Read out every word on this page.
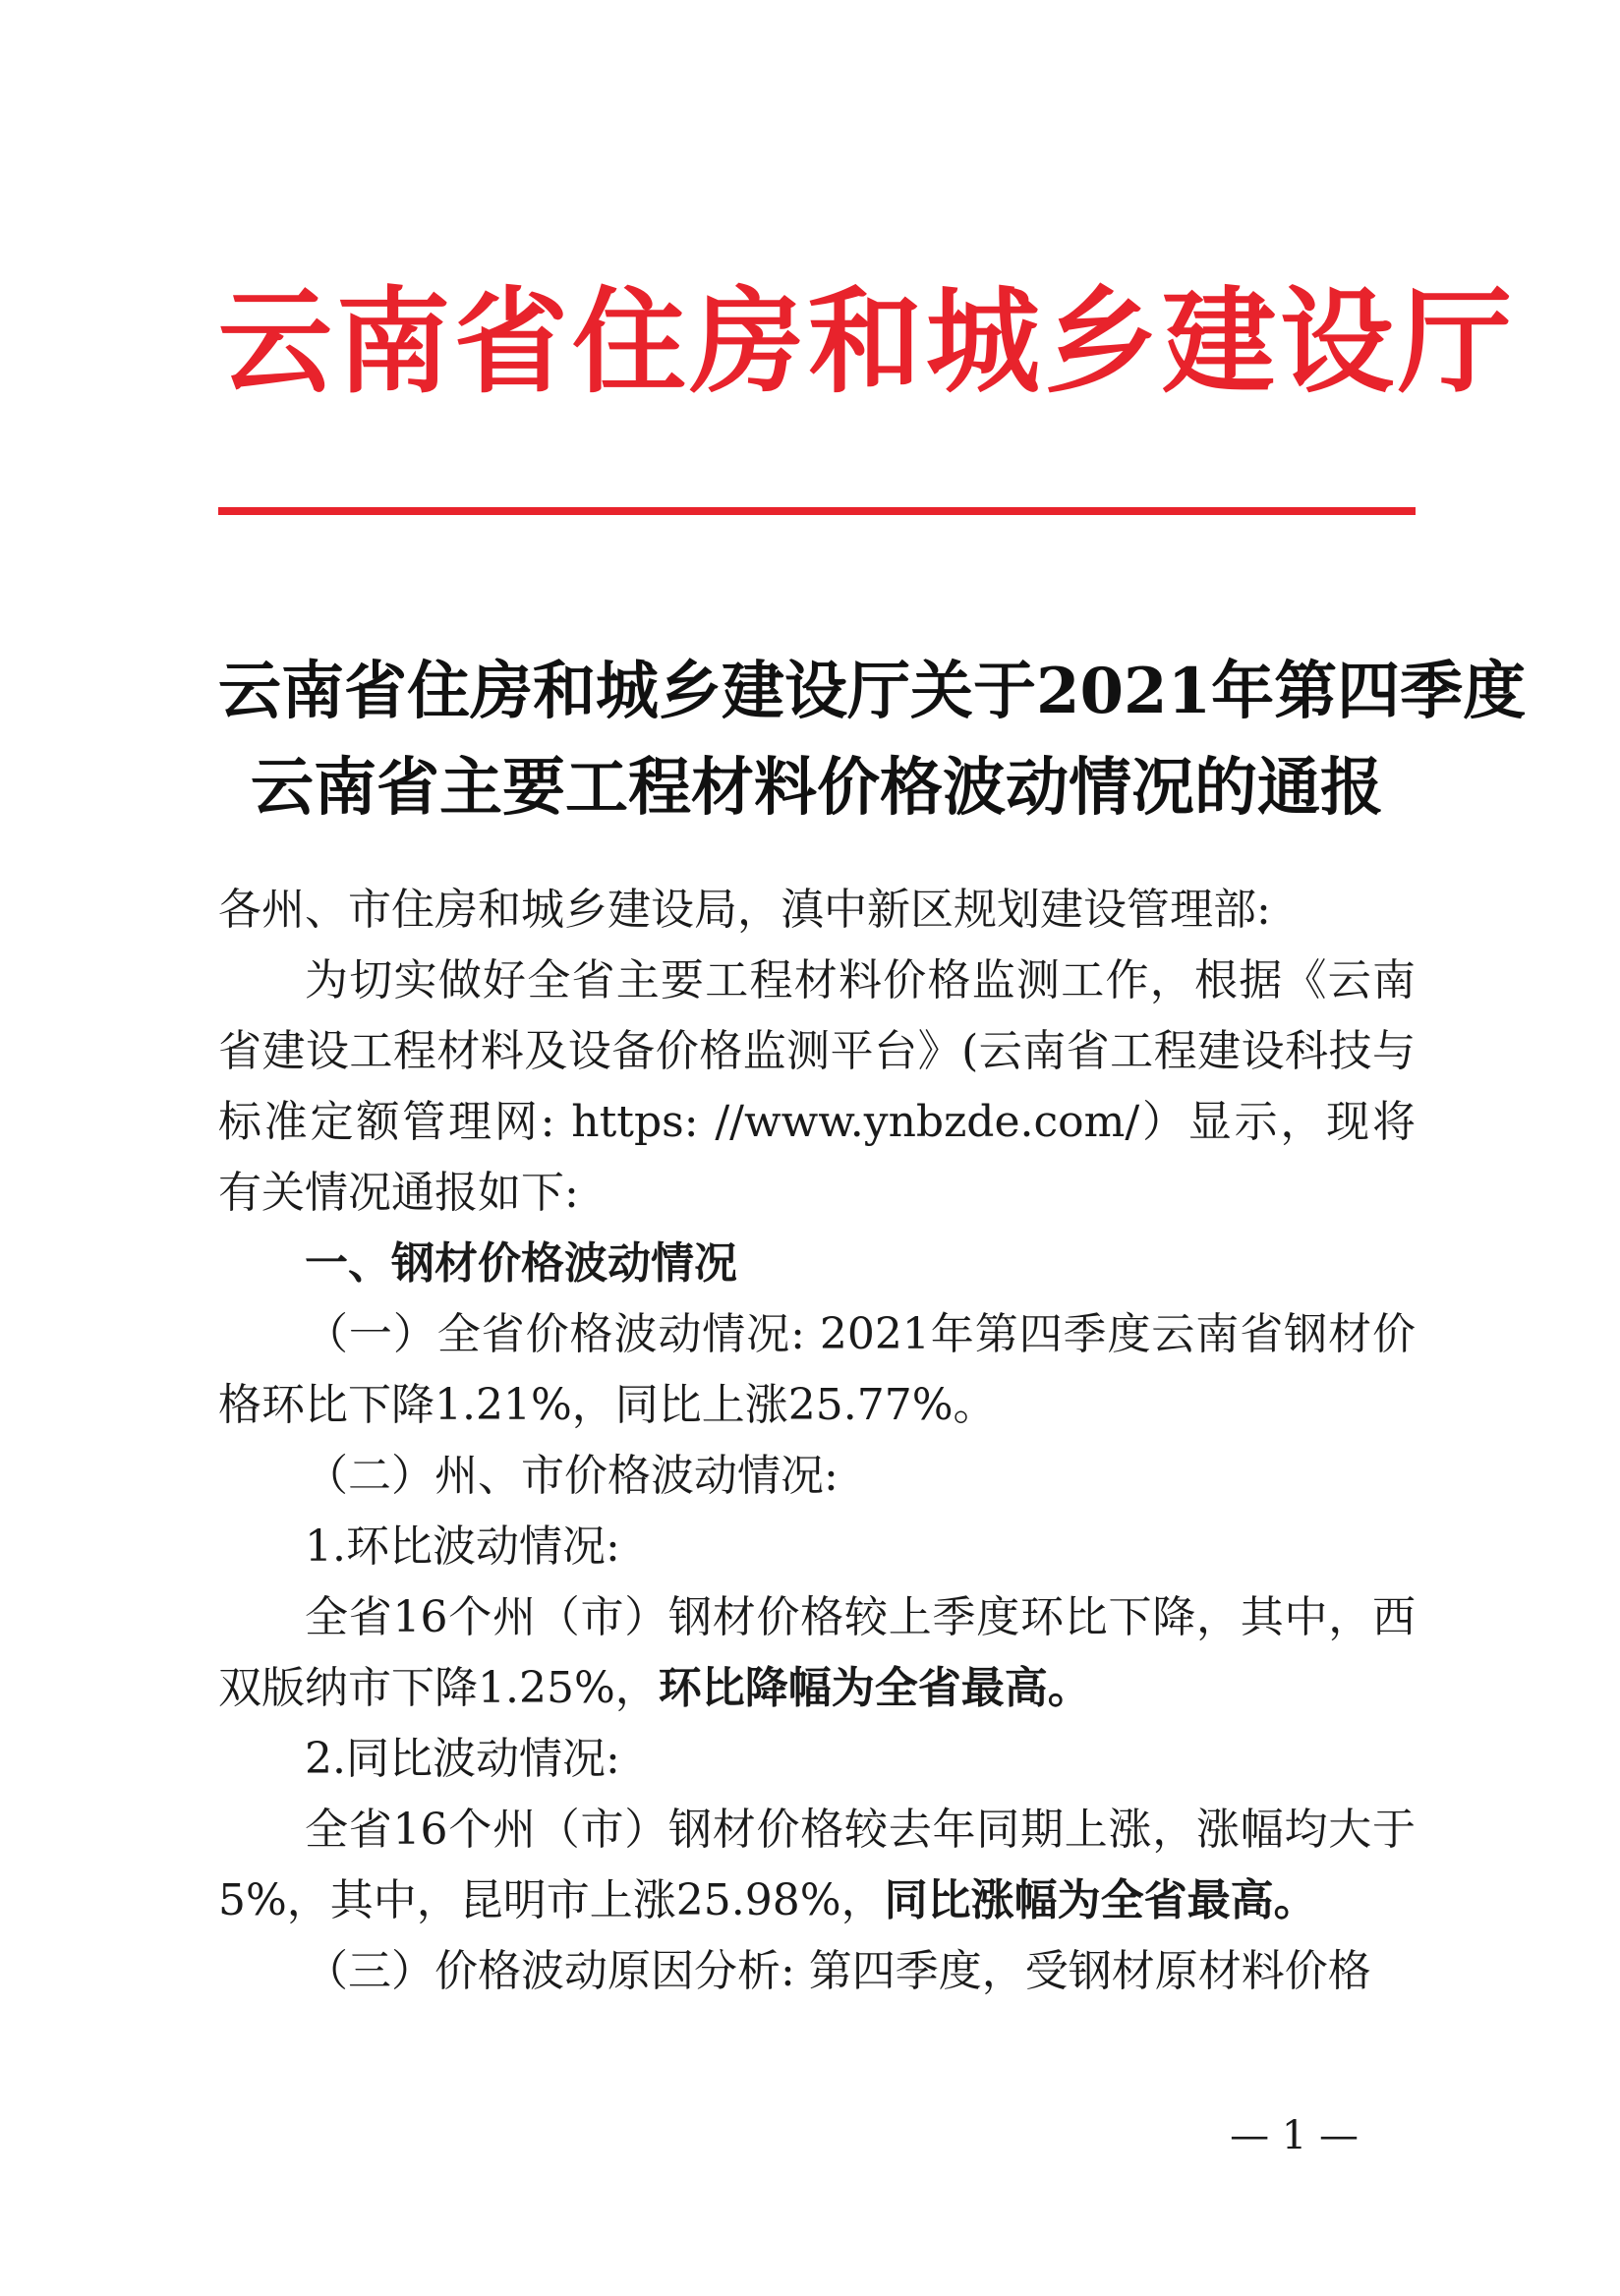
云南省住房和城乡建设厅
云南省住房和城乡建设厅关于2021年第四季度
云南省主要工程材料价格波动情况的通报

各州、市住房和城乡建设局，滇中新区规划建设管理部:

为切实做好全省主要工程材料价格监测工作，根据《云南省建设工程材料及设备价格监测平台》(云南省工程建设科技与标准定额管理网: https: //www.ynbzde.com/）显示，现将有关情况通报如下:

一、钢材价格波动情况

（一）全省价格波动情况: 2021年第四季度云南省钢材价格环比下降1.21%，同比上涨25.77%。

（二）州、市价格波动情况:

1.环比波动情况:

全省16个州（市）钢材价格较上季度环比下降，其中，西双版纳市下降1.25%，环比降幅为全省最高。

2.同比波动情况:

全省16个州（市）钢材价格较去年同期上涨，涨幅均大于5%，其中，昆明市上涨25.98%，同比涨幅为全省最高。

（三）价格波动原因分析: 第四季度，受钢材原材料价格

— 1 —
